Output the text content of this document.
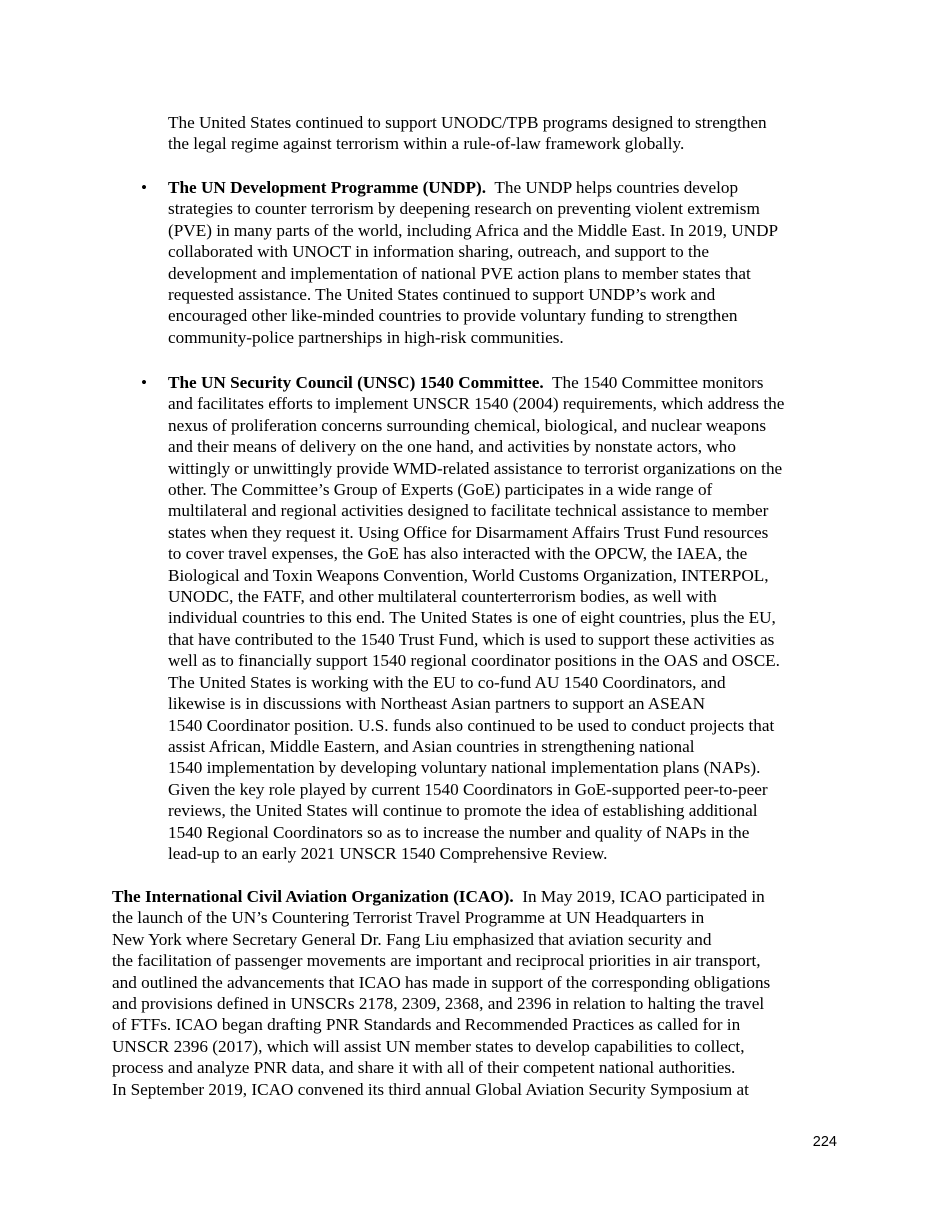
The United States continued to support UNODC/TPB programs designed to strengthen
the legal regime against terrorism within a rule-of-law framework globally.
•	The UN Development Programme (UNDP).  The UNDP helps countries develop
strategies to counter terrorism by deepening research on preventing violent extremism
(PVE) in many parts of the world, including Africa and the Middle East. In 2019, UNDP
collaborated with UNOCT in information sharing, outreach, and support to the
development and implementation of national PVE action plans to member states that
requested assistance. The United States continued to support UNDP’s work and
encouraged other like-minded countries to provide voluntary funding to strengthen
community-police partnerships in high-risk communities.
•	The UN Security Council (UNSC) 1540 Committee.  The 1540 Committee monitors
and facilitates efforts to implement UNSCR 1540 (2004) requirements, which address the
nexus of proliferation concerns surrounding chemical, biological, and nuclear weapons
and their means of delivery on the one hand, and activities by nonstate actors, who
wittingly or unwittingly provide WMD-related assistance to terrorist organizations on the
other. The Committee’s Group of Experts (GoE) participates in a wide range of
multilateral and regional activities designed to facilitate technical assistance to member
states when they request it. Using Office for Disarmament Affairs Trust Fund resources
to cover travel expenses, the GoE has also interacted with the OPCW, the IAEA, the
Biological and Toxin Weapons Convention, World Customs Organization, INTERPOL,
UNODC, the FATF, and other multilateral counterterrorism bodies, as well with
individual countries to this end. The United States is one of eight countries, plus the EU,
that have contributed to the 1540 Trust Fund, which is used to support these activities as
well as to financially support 1540 regional coordinator positions in the OAS and OSCE.
The United States is working with the EU to co-fund AU 1540 Coordinators, and
likewise is in discussions with Northeast Asian partners to support an ASEAN
1540 Coordinator position. U.S. funds also continued to be used to conduct projects that
assist African, Middle Eastern, and Asian countries in strengthening national
1540 implementation by developing voluntary national implementation plans (NAPs).
Given the key role played by current 1540 Coordinators in GoE-supported peer-to-peer
reviews, the United States will continue to promote the idea of establishing additional
1540 Regional Coordinators so as to increase the number and quality of NAPs in the
lead-up to an early 2021 UNSCR 1540 Comprehensive Review.
The International Civil Aviation Organization (ICAO).  In May 2019, ICAO participated in
the launch of the UN’s Countering Terrorist Travel Programme at UN Headquarters in
New York where Secretary General Dr. Fang Liu emphasized that aviation security and
the facilitation of passenger movements are important and reciprocal priorities in air transport,
and outlined the advancements that ICAO has made in support of the corresponding obligations
and provisions defined in UNSCRs 2178, 2309, 2368, and 2396 in relation to halting the travel
of FTFs. ICAO began drafting PNR Standards and Recommended Practices as called for in
UNSCR 2396 (2017), which will assist UN member states to develop capabilities to collect,
process and analyze PNR data, and share it with all of their competent national authorities.
In September 2019, ICAO convened its third annual Global Aviation Security Symposium at
224
